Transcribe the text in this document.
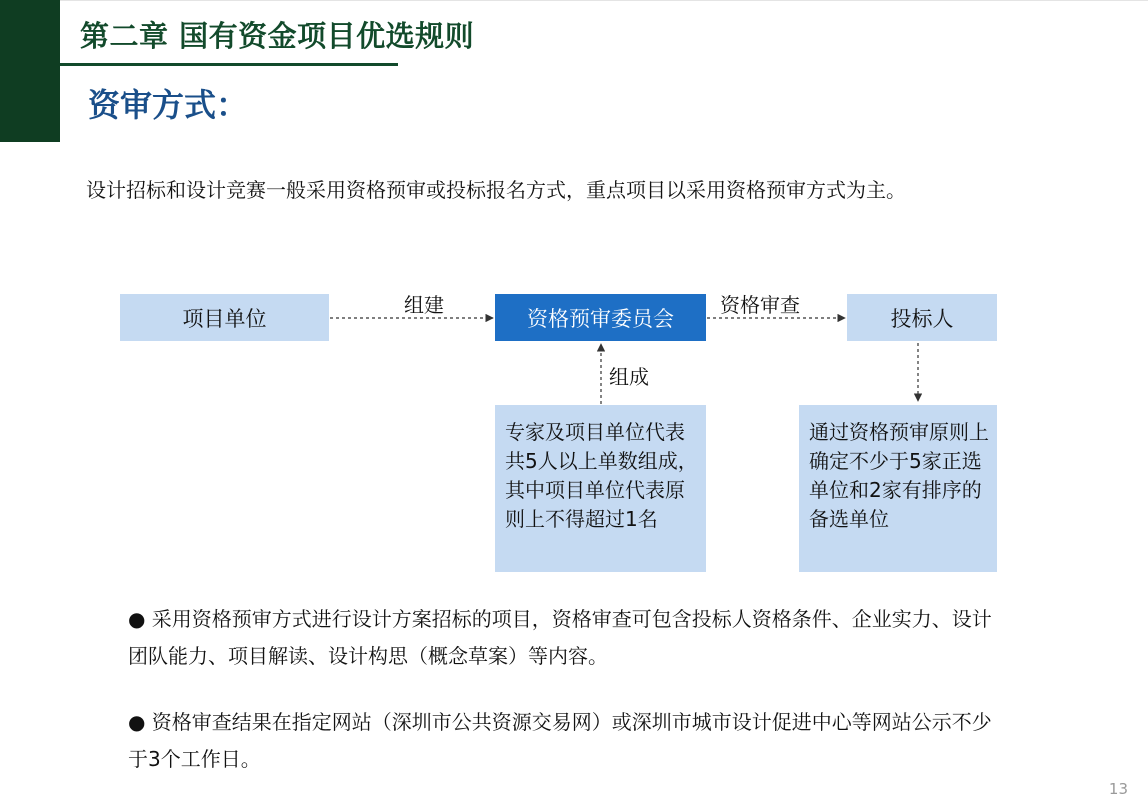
第二章 国有资金项目优选规则
资审方式：
设计招标和设计竞赛一般采用资格预审或投标报名方式，重点项目以采用资格预审方式为主。
项目单位	资格预审委员会	投标人
组建	资格审查
组成
专家及项目单位代表共5人以上单数组成，其中项目单位代表原则上不得超过1名
通过资格预审原则上确定不少于5家正选单位和2家有排序的备选单位
● 采用资格预审方式进行设计方案招标的项目，资格审查可包含投标人资格条件、企业实力、设计团队能力、项目解读、设计构思（概念草案）等内容。
● 资格审查结果在指定网站（深圳市公共资源交易网）或深圳市城市设计促进中心等网站公示不少于3个工作日。
13
